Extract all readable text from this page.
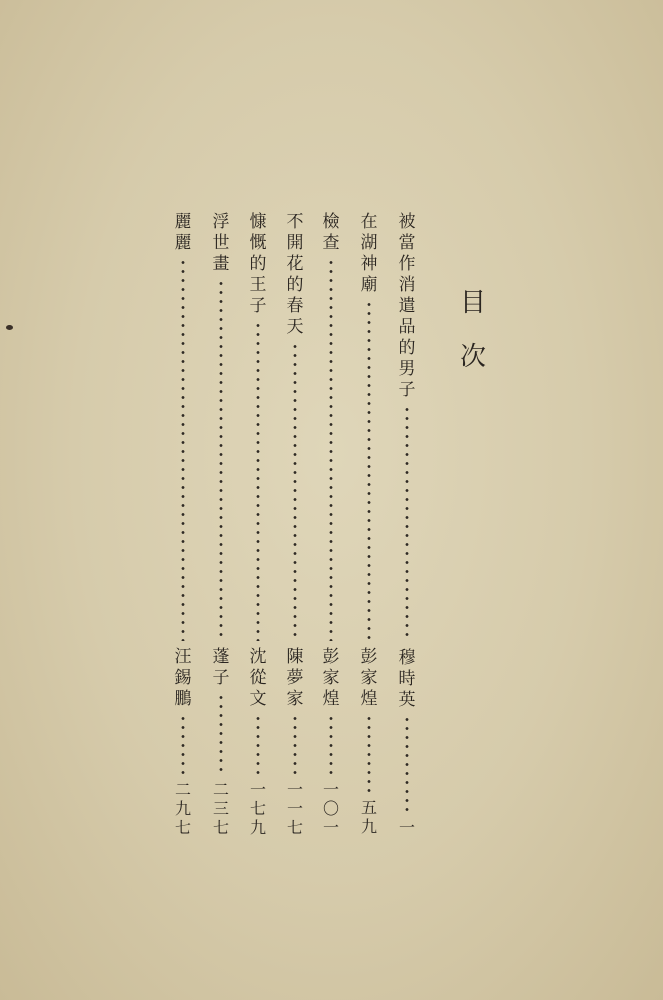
目
次
被
當
作
消
遣
品
的
男
子
穆
時
英
一
在
湖
神
廟
彭
家
煌
五
九
檢
查
彭
家
煌
一
〇
一
不
開
花
的
春
天
陳
夢
家
一
一
七
慷
慨
的
王
子
沈
從
文
一
七
九
浮
世
畫
蓬
子
二
三
七
麗
麗
汪
錫
鵬
二
九
七
